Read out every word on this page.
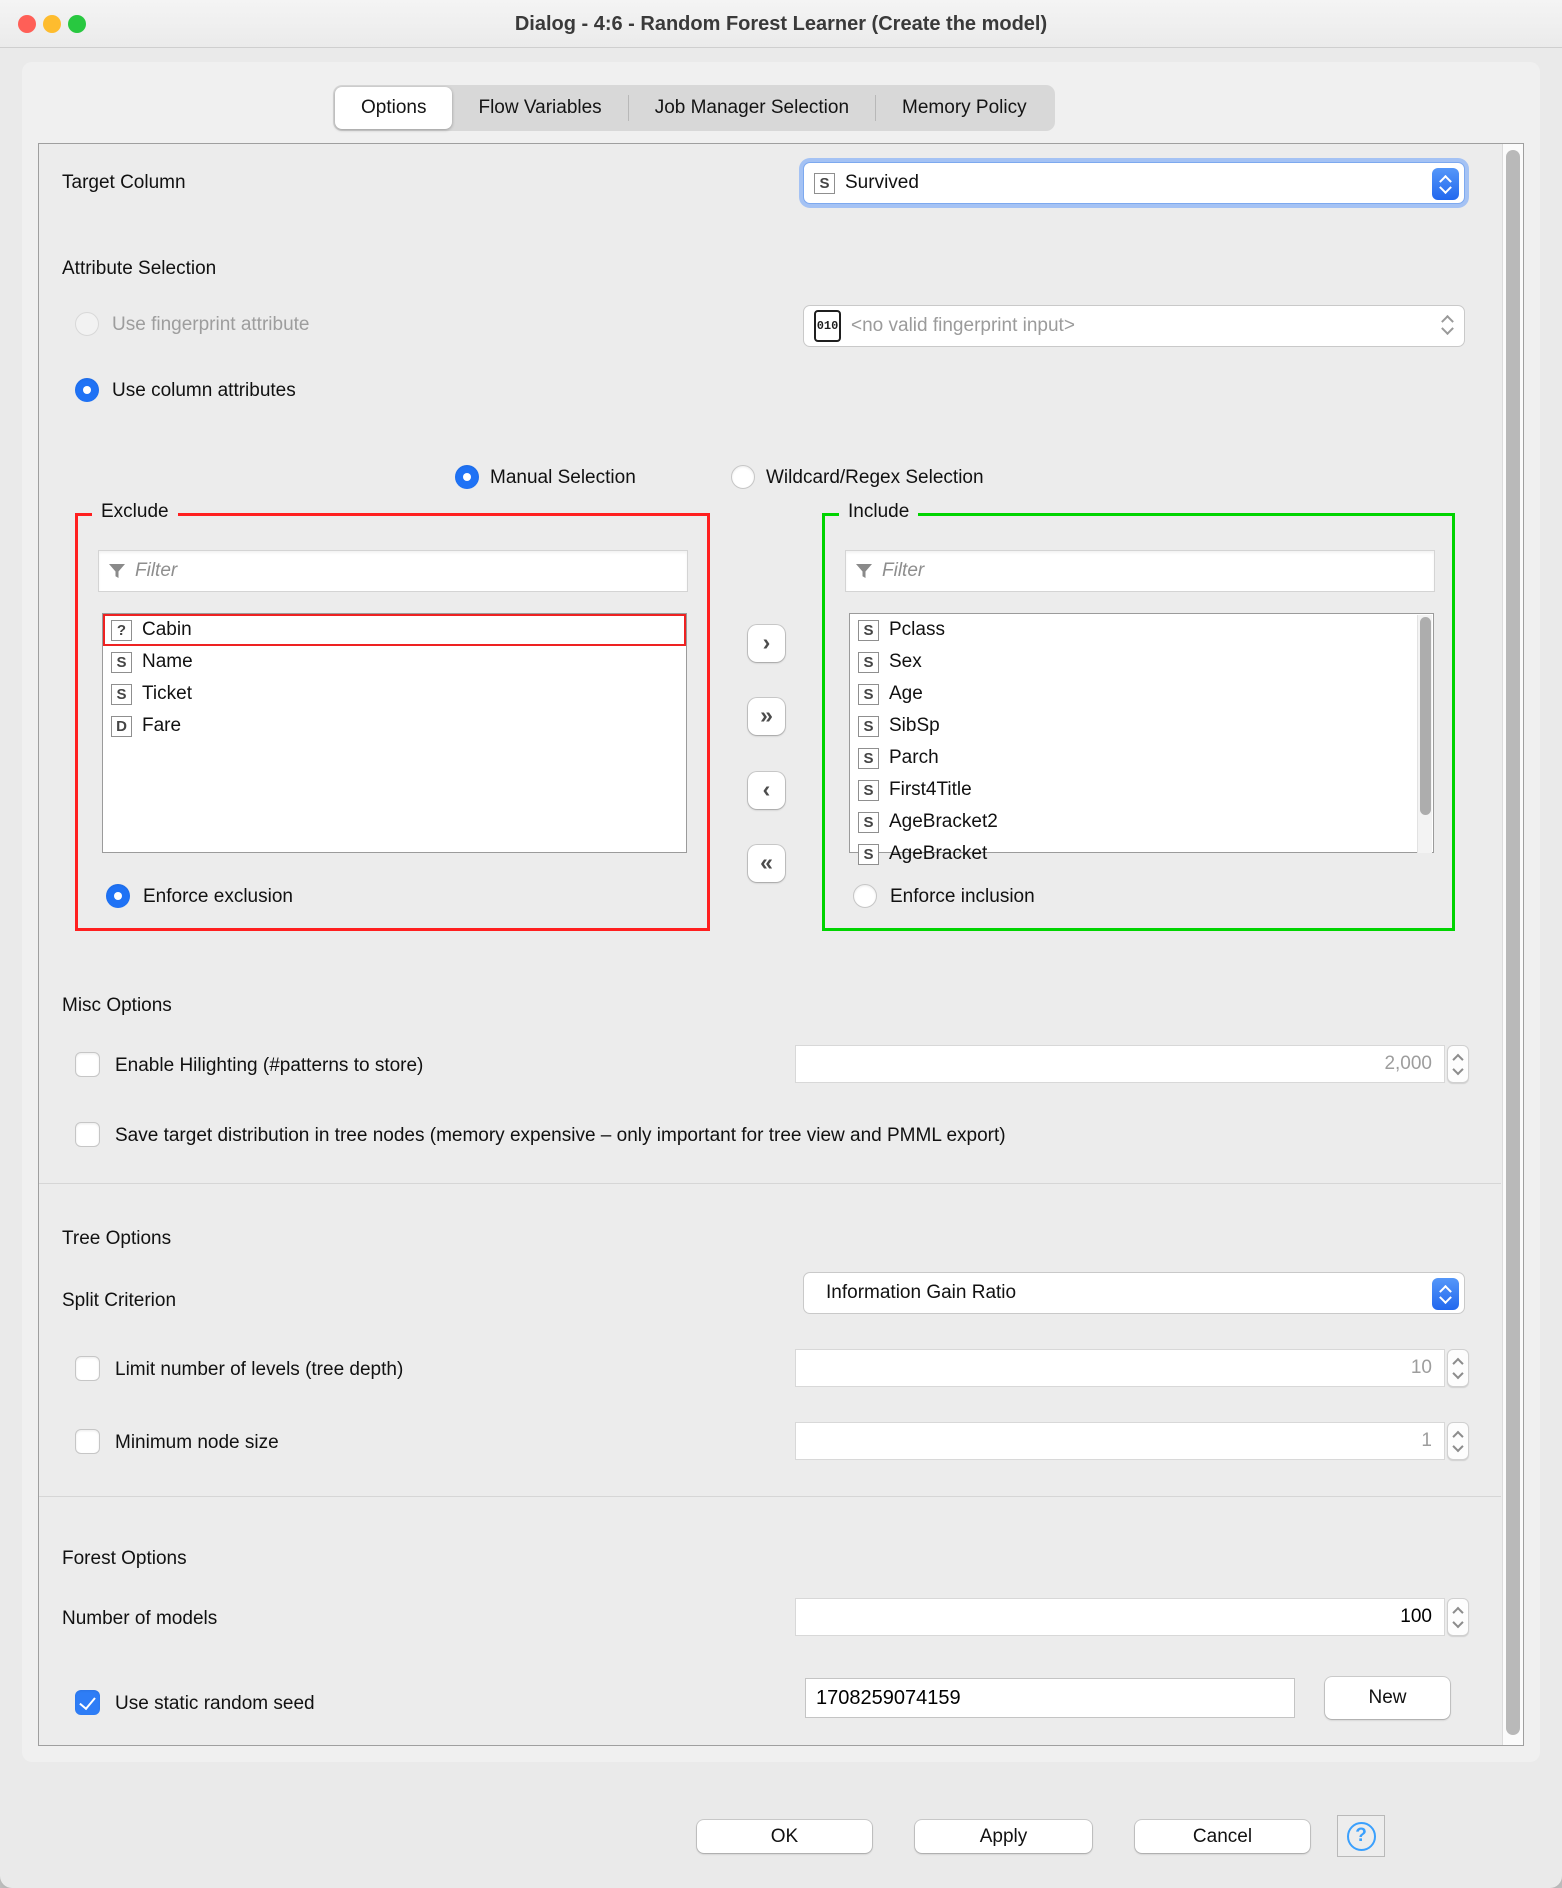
Dialog - 4:6 - Random Forest Learner (Create the model)
Options	Flow Variables	Job Manager Selection	Memory Policy
Target Column	S Survived
Attribute Selection
Use fingerprint attribute	010 <no valid fingerprint input>
Use column attributes
Manual Selection	Wildcard/Regex Selection
Exclude
Filter
? Cabin
S Name
S Ticket
D Fare
Enforce exclusion
›
»
‹
«
Include
Filter
S Pclass
S Sex
S Age
S SibSp
S Parch
S First4Title
S AgeBracket2
S AgeBracket
Enforce inclusion
Misc Options
Enable Hilighting (#patterns to store)
2,000
Save target distribution in tree nodes (memory expensive – only important for tree view and PMML export)
Tree Options
Split Criterion	Information Gain Ratio
Limit number of levels (tree depth)
10
Minimum node size
1
Forest Options
Number of models
100
Use static random seed
1708259074159	New
OK	Apply	Cancel	?
